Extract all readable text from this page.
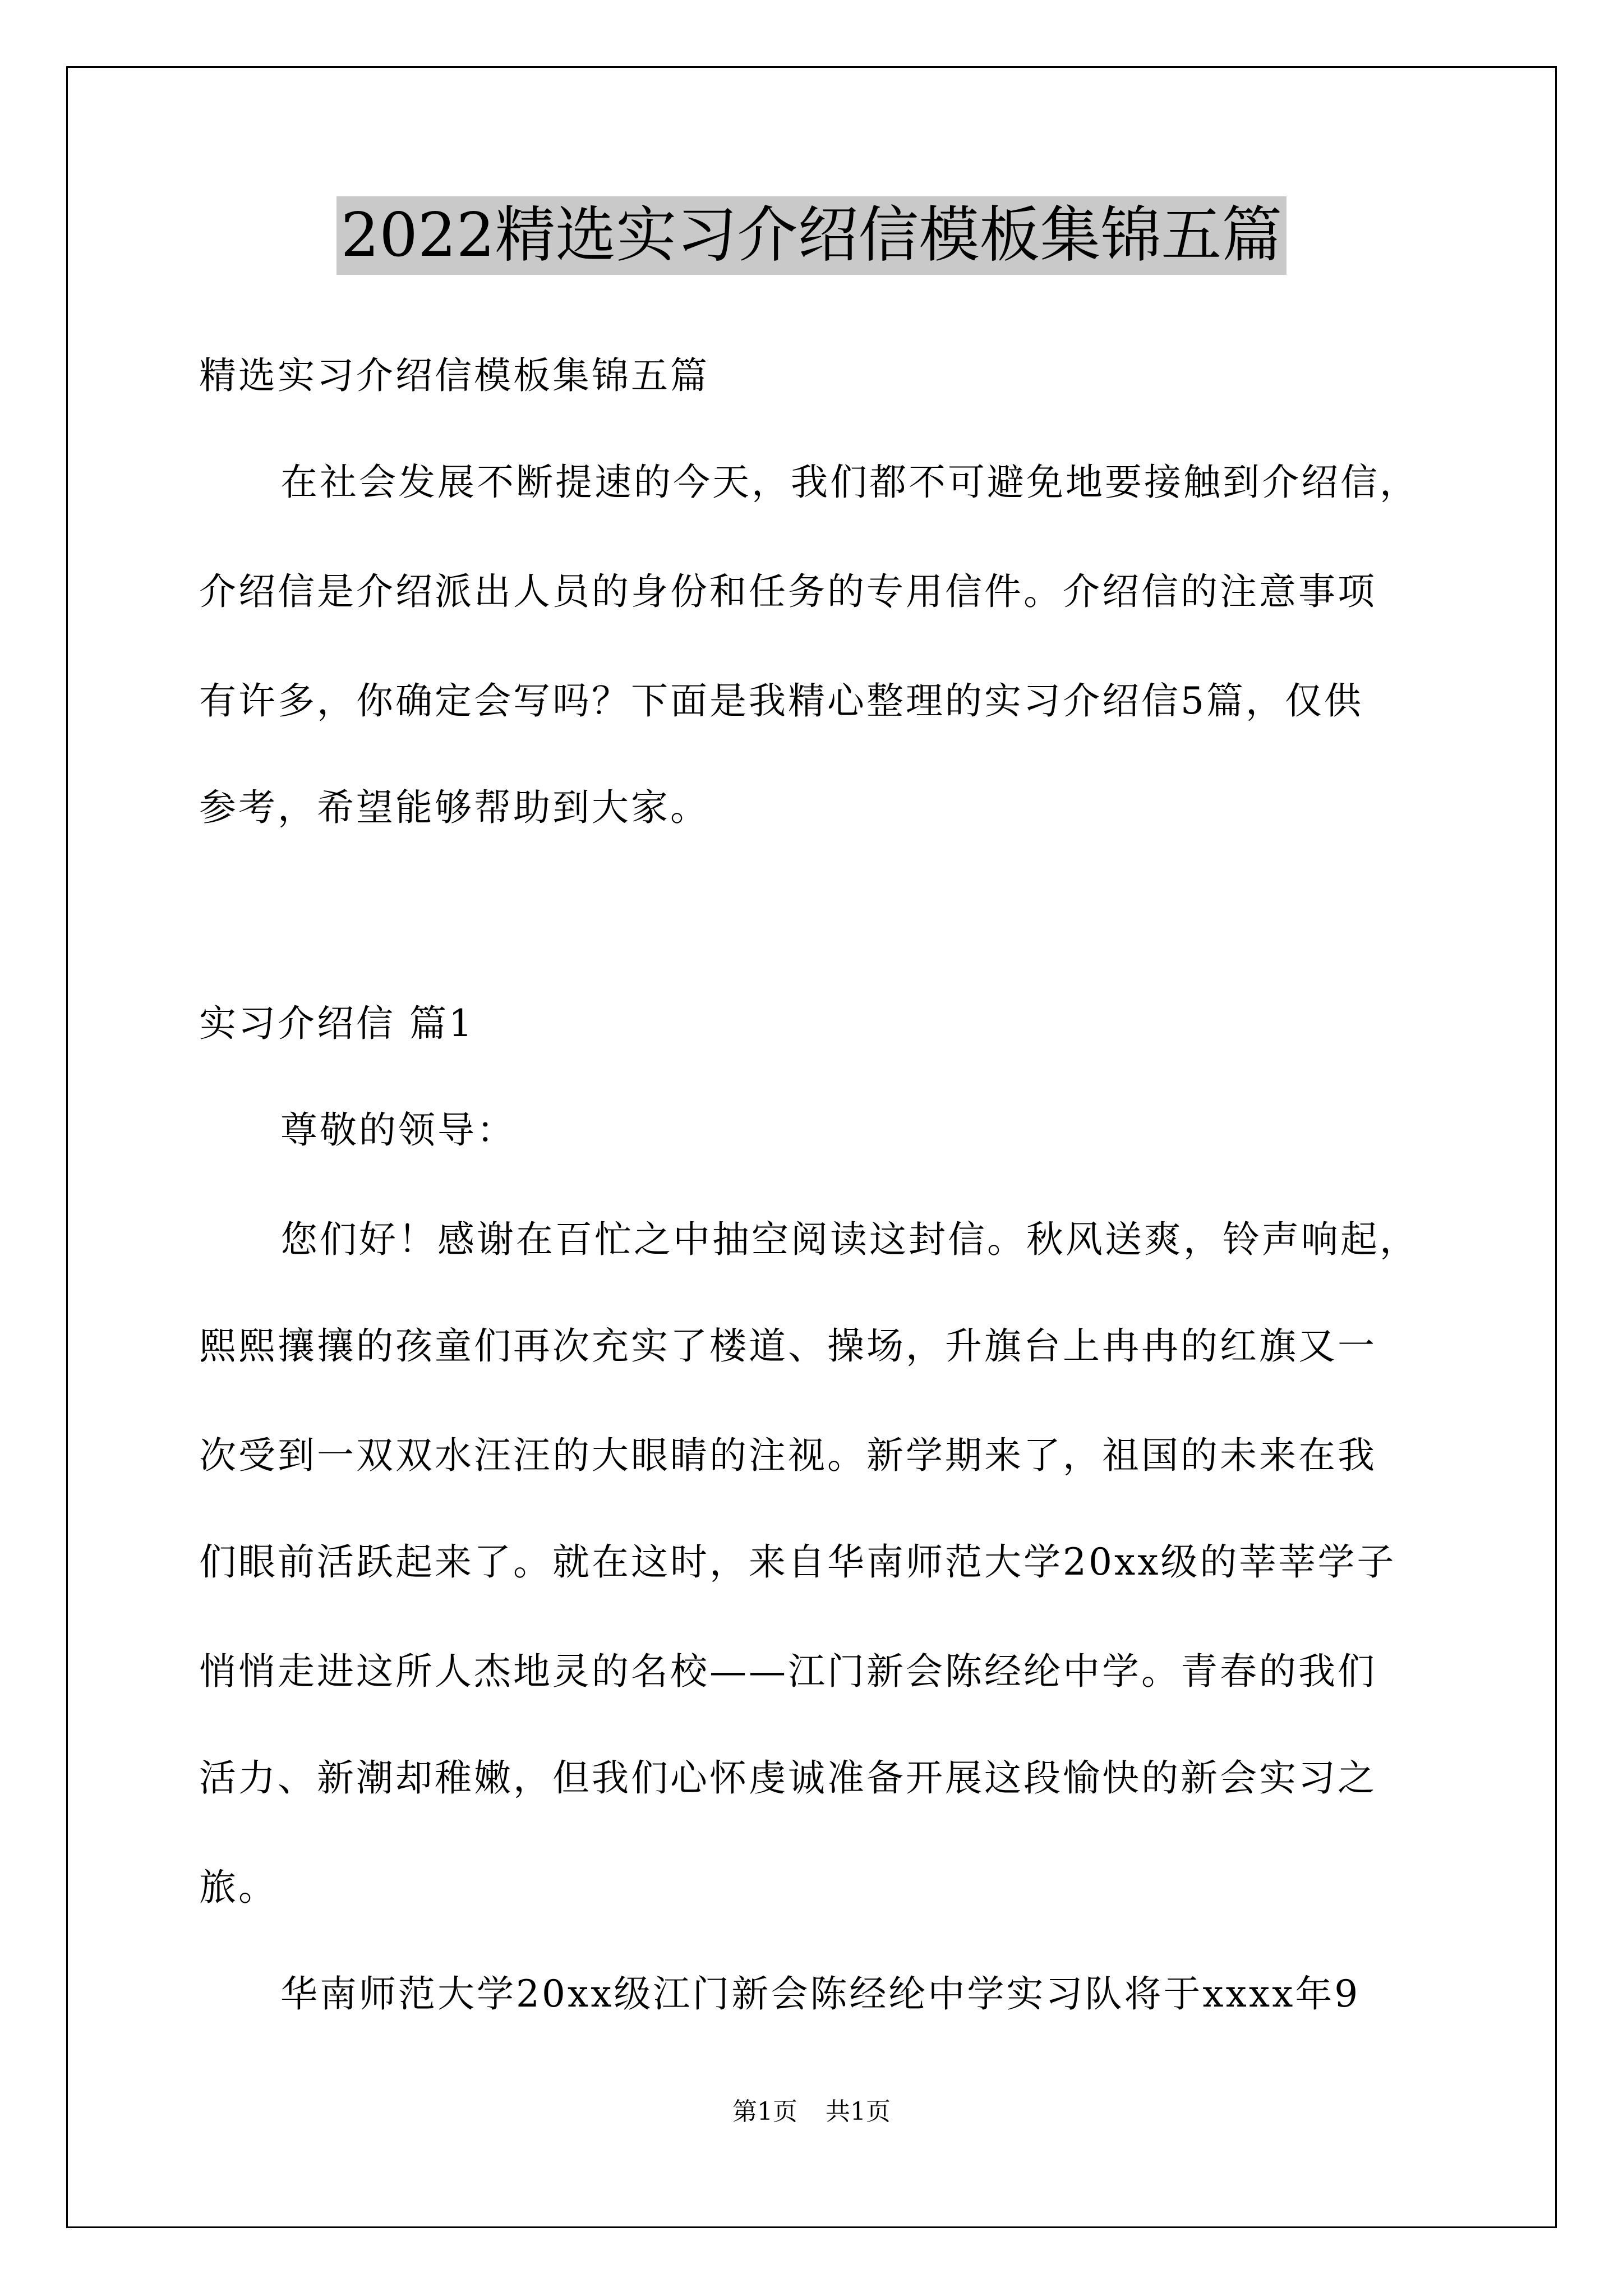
2022精选实习介绍信模板集锦五篇
精选实习介绍信模板集锦五篇
在社会发展不断提速的今天，我们都不可避免地要接触到介绍信，
介绍信是介绍派出人员的身份和任务的专用信件。介绍信的注意事项
有许多，你确定会写吗？下面是我精心整理的实习介绍信5篇，仅供
参考，希望能够帮助到大家。
实习介绍信 篇1
尊敬的领导：
您们好！感谢在百忙之中抽空阅读这封信。秋风送爽，铃声响起，
熙熙攘攘的孩童们再次充实了楼道、操场，升旗台上冉冉的红旗又一
次受到一双双水汪汪的大眼睛的注视。新学期来了，祖国的未来在我
们眼前活跃起来了。就在这时，来自华南师范大学20xx级的莘莘学子
悄悄走进这所人杰地灵的名校——江门新会陈经纶中学。青春的我们
活力、新潮却稚嫩，但我们心怀虔诚准备开展这段愉快的新会实习之
旅。
华南师范大学20xx级江门新会陈经纶中学实习队将于xxxx年9
第1页 共1页
